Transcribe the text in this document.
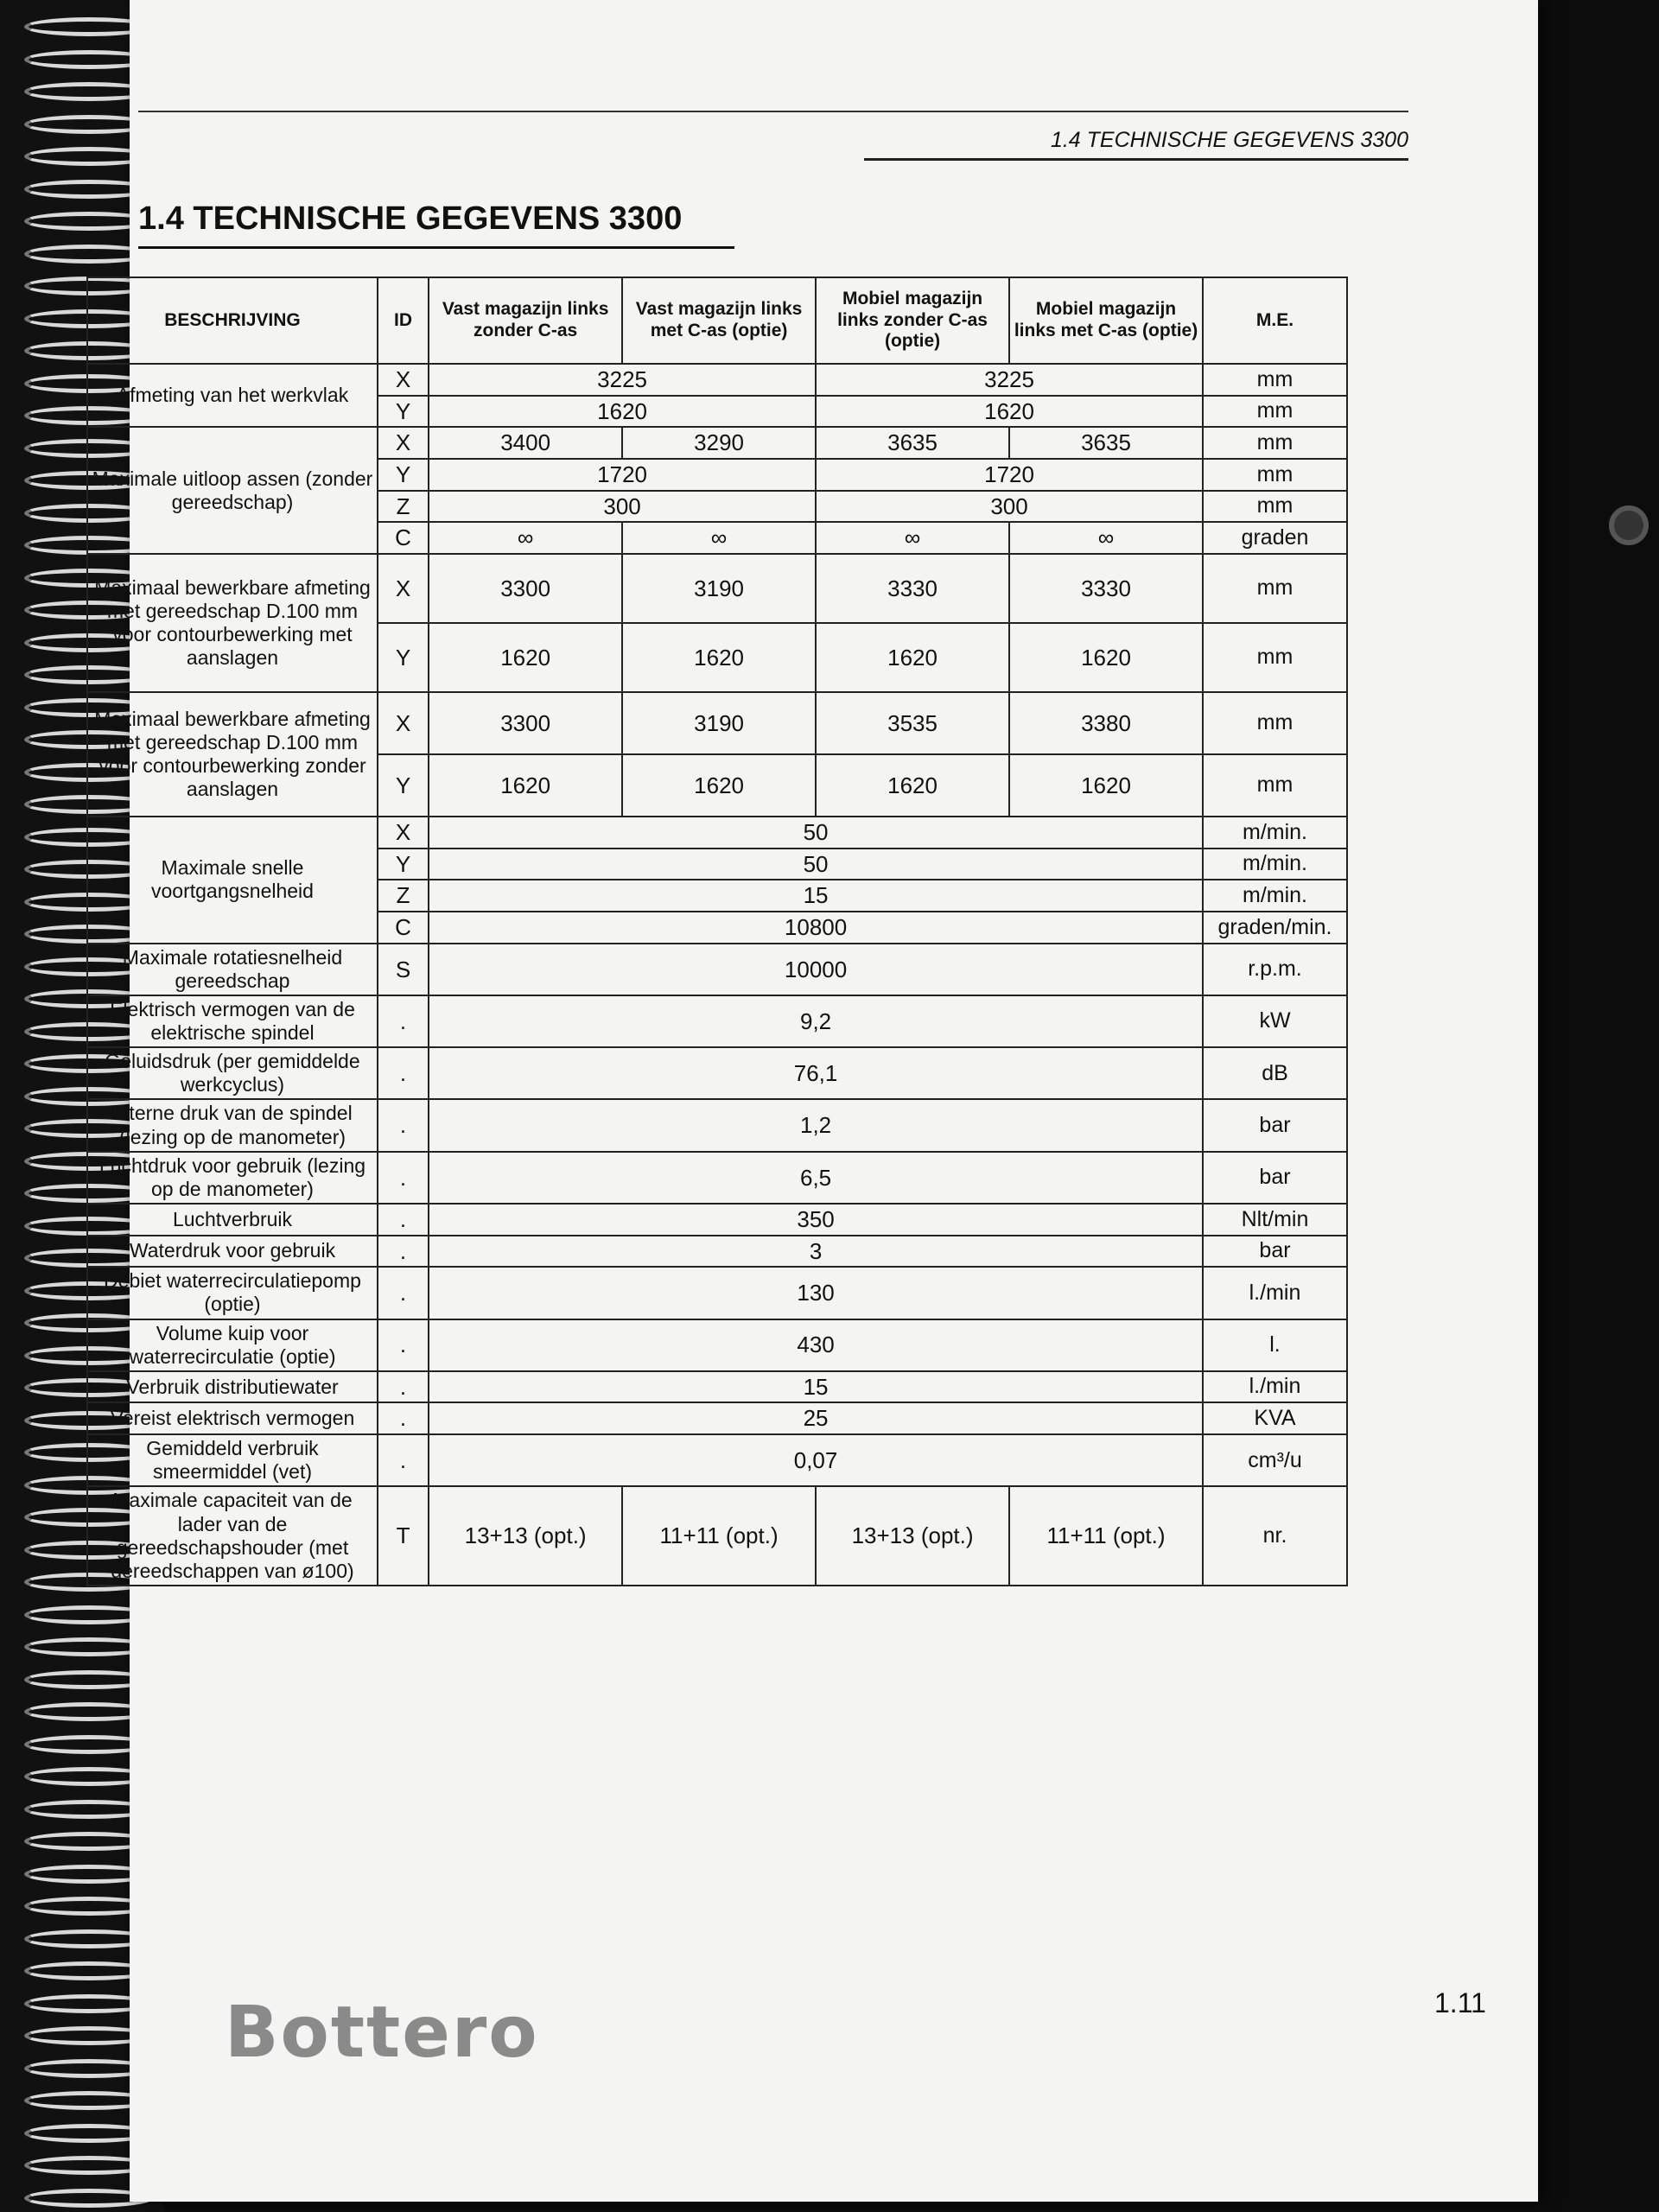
1.4 TECHNISCHE GEGEVENS 3300
1.4 TECHNISCHE GEGEVENS 3300
BESCHRIJVING	ID	Vast magazijn links zonder C-as	Vast magazijn links met C-as (optie)	Mobiel magazijn links zonder C-as (optie)	Mobiel magazijn links met C-as (optie)	M.E.
Afmeting van het werkvlak	X	3225		3225		mm
	Y	1620		1620		mm
Maximale uitloop assen (zonder gereedschap)	X	3400	3290	3635	3635	mm
	Y	1720		1720		mm
	Z	300		300		mm
	C	∞	∞	∞	∞	graden
Maximaal bewerkbare afmeting met gereedschap D.100 mm voor contourbewerking met aanslagen	X	3300	3190	3330	3330	mm
	Y	1620	1620	1620	1620	mm
Maximaal bewerkbare afmeting met gereedschap D.100 mm voor contourbewerking zonder aanslagen	X	3300	3190	3535	3380	mm
	Y	1620	1620	1620	1620	mm
Maximale snelle voortgangsnelheid	X	50				m/min.
	Y	50				m/min.
	Z	15				m/min.
	C	10800				graden/min.
Maximale rotatiesnelheid gereedschap	S	10000				r.p.m.
Elektrisch vermogen van de elektrische spindel	.	9,2				kW
Geluidsdruk (per gemiddelde werkcyclus)	.	76,1				dB
Interne druk van de spindel (lezing op de manometer)	.	1,2				bar
Luchtdruk voor gebruik (lezing op de manometer)	.	6,5				bar
Luchtverbruik	.	350				Nlt/min
Waterdruk voor gebruik	.	3				bar
Debiet waterrecirculatiepomp (optie)	.	130				l./min
Volume kuip voor waterrecirculatie (optie)	.	430				l.
Verbruik distributiewater	.	15				l./min
Vereist elektrisch vermogen	.	25				KVA
Gemiddeld verbruik smeermiddel (vet)	.	0,07				cm³/u
Maximale capaciteit van de lader van de gereedschapshouder (met gereedschappen van ø100)	T	13+13 (opt.)	11+11 (opt.)	13+13 (opt.)	11+11 (opt.)	nr.
Bottero	1.11
